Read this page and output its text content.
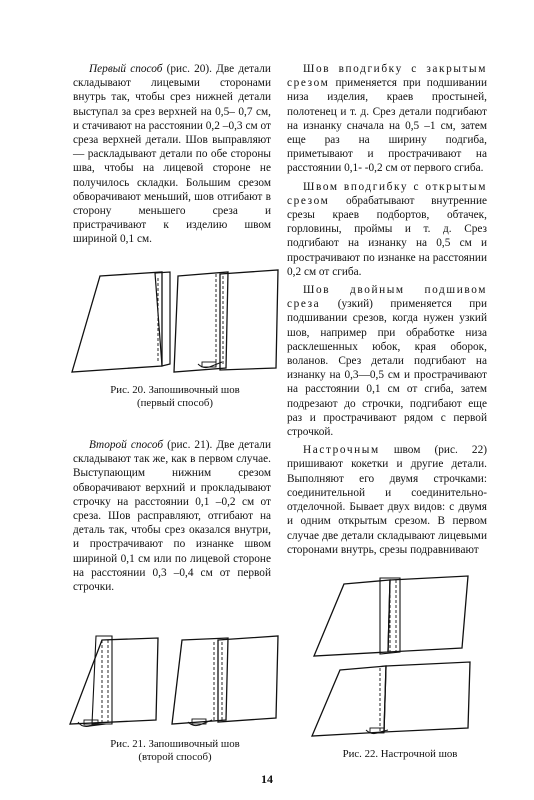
Первый способ (рис. 20). Две детали складывают лицевыми сторонами внутрь так, чтобы срез нижней детали выступал за срез верхней на 0,5– 0,7 см, и стачивают на расстоянии 0,2 –0,3 см от среза верхней детали. Шов выправляют — раскладывают детали по обе стороны шва, чтобы на лицевой стороне не получилось складки. Большим срезом обворачивают меньший, шов отгибают в сторону меньшего среза и пристрачивают к изделию швом шириной 0,1 см.

Рис. 20. Запошивочный шов
(первый способ)

Второй способ (рис. 21). Две детали складывают так же, как в первом случае. Выступающим нижним срезом обворачивают верхний и прокладывают строчку на расстоянии 0,1 –0,2 см от среза. Шов расправляют, отгибают на деталь так, чтобы срез оказался внутри, и прострачивают по изнанке швом шириной 0,1 см или по лицевой стороне на расстоянии 0,3 –0,4 см от первой строчки.

Рис. 21. Запошивочный шов
(второй способ)

Шов вподгибку с закрытым срезом применяется при подшивании низа изделия, краев простыней, полотенец и т. д. Срез детали подгибают на изнанку сначала на 0,5 –1 см, затем еще раз на ширину подгиба, приметывают и прострачивают на расстоянии 0,1- -0,2 см от первого сгиба.

Швом вподгибку с открытым срезом обрабатывают внутренние срезы краев подбортов, обтачек, горловины, проймы и т. д. Срез подгибают на изнанку на 0,5 см и прострачивают по изнанке на расстоянии 0,2 см от сгиба.

Шов двойным подшивом среза (узкий) применяется при подшивании срезов, когда нужен узкий шов, например при обработке низа расклешенных юбок, края оборок, воланов. Срез детали подгибают на изнанку на 0,3—0,5 см и прострачивают на расстоянии 0,1 см от сгиба, затем подрезают до строчки, подгибают еще раз и прострачивают рядом с первой строчкой.

Настрочным швом (рис. 22) пришивают кокетки и другие детали. Выполняют его двумя строчками: соединительной и соединительно-отделочной. Бывает двух видов: с двумя и одним открытым срезом. В первом случае две детали складывают лицевыми сторонами внутрь, срезы подравнивают

Рис. 22. Настрочной шов
14
